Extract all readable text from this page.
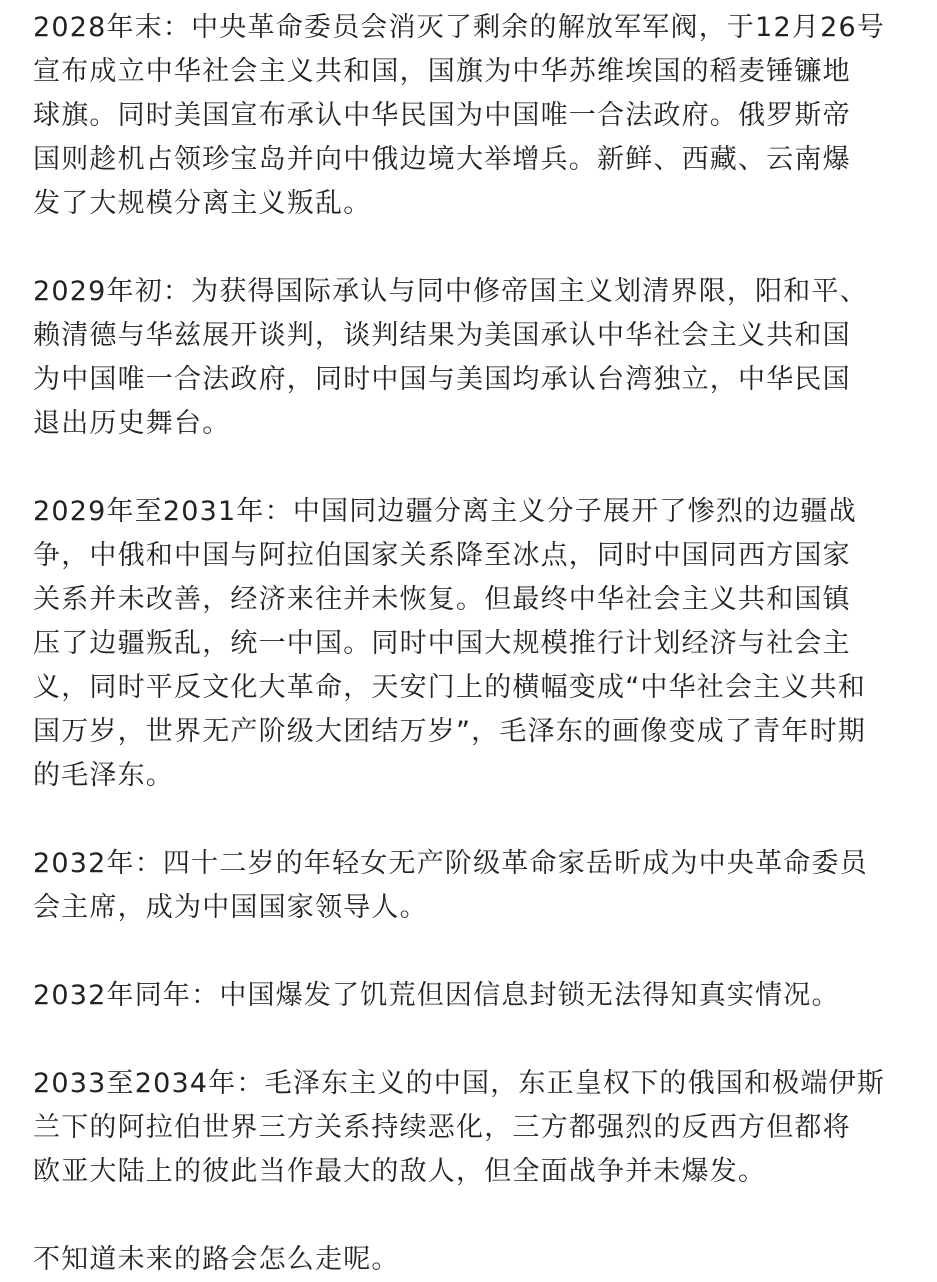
2028年末：中央革命委员会消灭了剩余的解放军军阀，于12月26号
宣布成立中华社会主义共和国，国旗为中华苏维埃国的稻麦锤镰地
球旗。同时美国宣布承认中华民国为中国唯一合法政府。俄罗斯帝
国则趁机占领珍宝岛并向中俄边境大举增兵。新鲜、西藏、云南爆
发了大规模分离主义叛乱。

2029年初：为获得国际承认与同中修帝国主义划清界限，阳和平、
赖清德与华兹展开谈判，谈判结果为美国承认中华社会主义共和国
为中国唯一合法政府，同时中国与美国均承认台湾独立，中华民国
退出历史舞台。

2029年至2031年：中国同边疆分离主义分子展开了惨烈的边疆战
争，中俄和中国与阿拉伯国家关系降至冰点，同时中国同西方国家
关系并未改善，经济来往并未恢复。但最终中华社会主义共和国镇
压了边疆叛乱，统一中国。同时中国大规模推行计划经济与社会主
义，同时平反文化大革命，天安门上的横幅变成“中华社会主义共和
国万岁，世界无产阶级大团结万岁”，毛泽东的画像变成了青年时期
的毛泽东。

2032年：四十二岁的年轻女无产阶级革命家岳昕成为中央革命委员
会主席，成为中国国家领导人。

2032年同年：中国爆发了饥荒但因信息封锁无法得知真实情况。

2033至2034年：毛泽东主义的中国，东正皇权下的俄国和极端伊斯
兰下的阿拉伯世界三方关系持续恶化，三方都强烈的反西方但都将
欧亚大陆上的彼此当作最大的敌人，但全面战争并未爆发。

不知道未来的路会怎么走呢。
